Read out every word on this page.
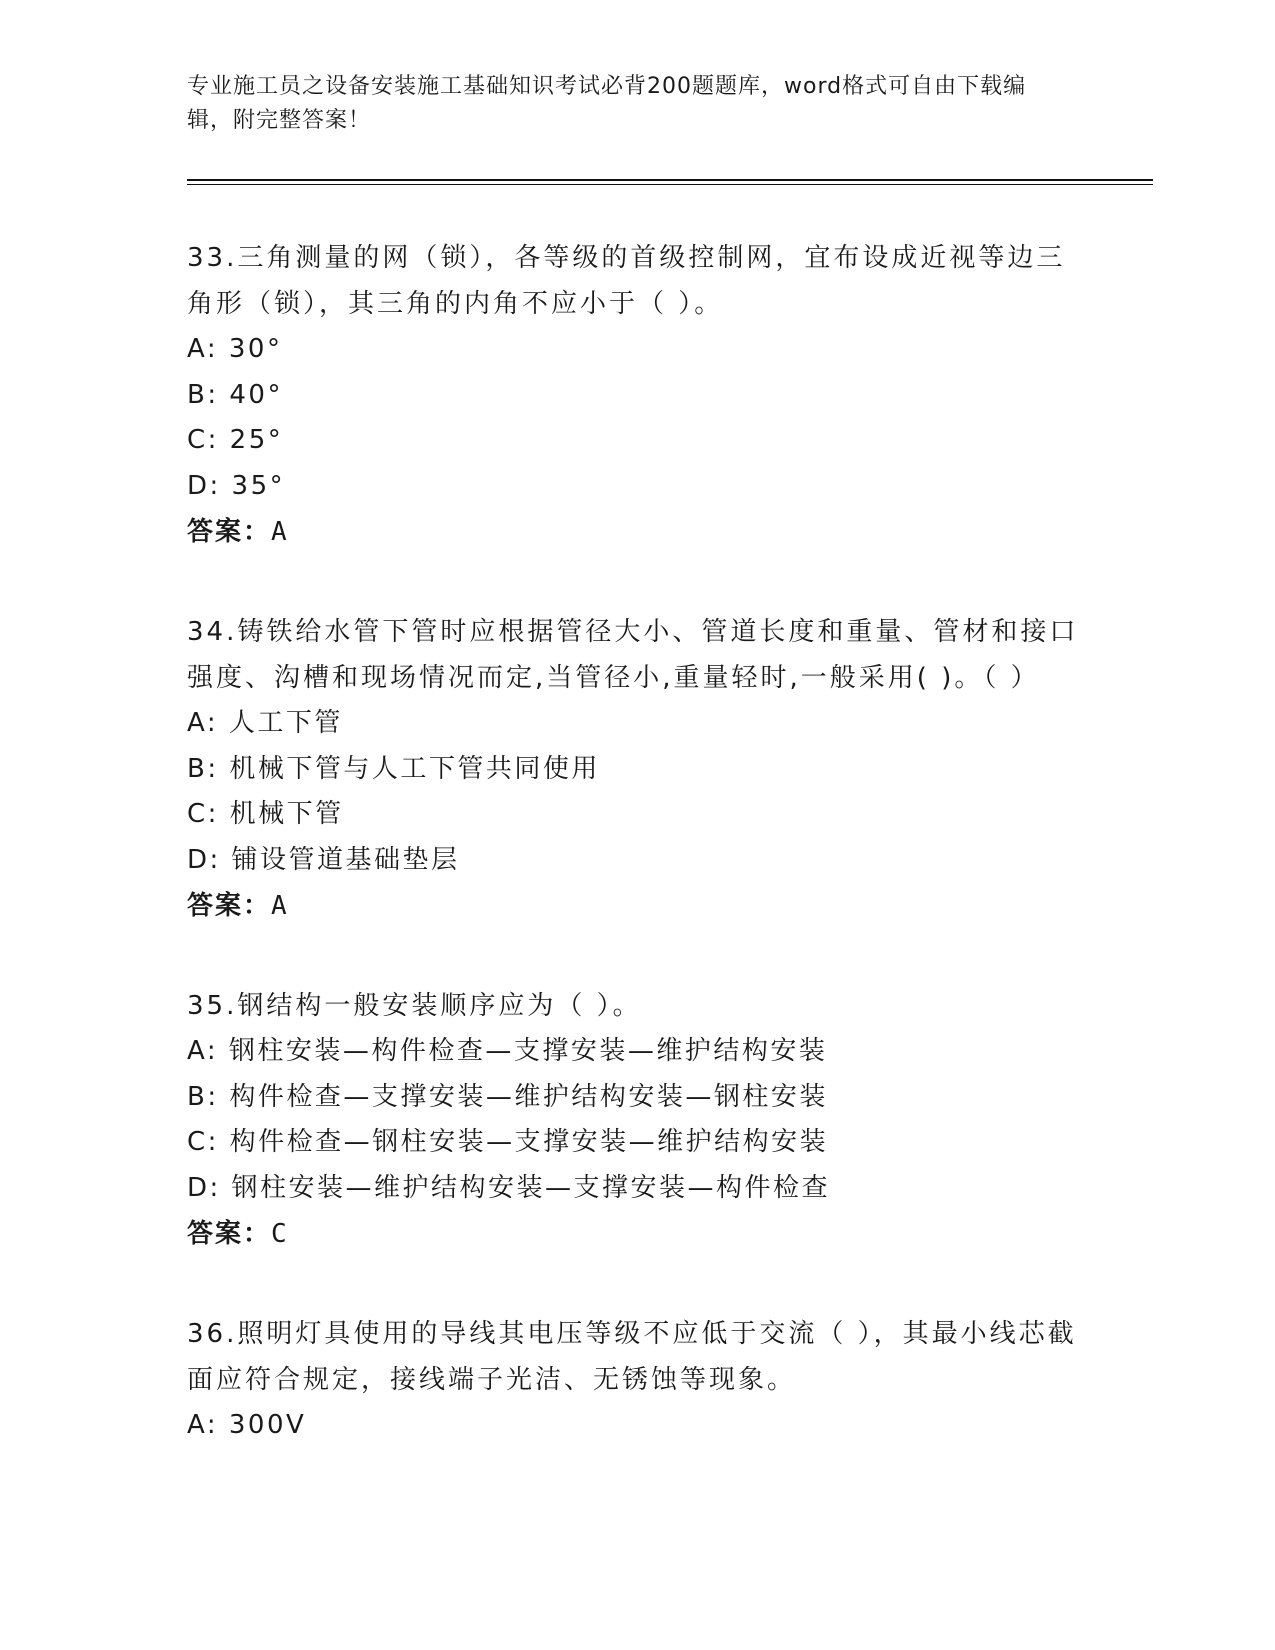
专业施工员之设备安装施工基础知识考试必背200题题库，word格式可自由下载编辑，附完整答案！

33.三角测量的网（锁），各等级的首级控制网，宜布设成近视等边三角形（锁），其三角的内角不应小于（ ）。

A: 30°

B: 40°

C: 25°

D: 35°

答案：A

34.铸铁给水管下管时应根据管径大小、管道长度和重量、管材和接口强度、沟槽和现场情况而定,当管径小,重量轻时,一般采用( )。（ ）

A: 人工下管

B: 机械下管与人工下管共同使用

C: 机械下管

D: 铺设管道基础垫层

答案：A

35.钢结构一般安装顺序应为（ ）。

A: 钢柱安装—构件检查—支撑安装—维护结构安装

B: 构件检查—支撑安装—维护结构安装—钢柱安装

C: 构件检查—钢柱安装—支撑安装—维护结构安装

D: 钢柱安装—维护结构安装—支撑安装—构件检查

答案：C

36.照明灯具使用的导线其电压等级不应低于交流（ ），其最小线芯截面应符合规定，接线端子光洁、无锈蚀等现象。

A: 300V
